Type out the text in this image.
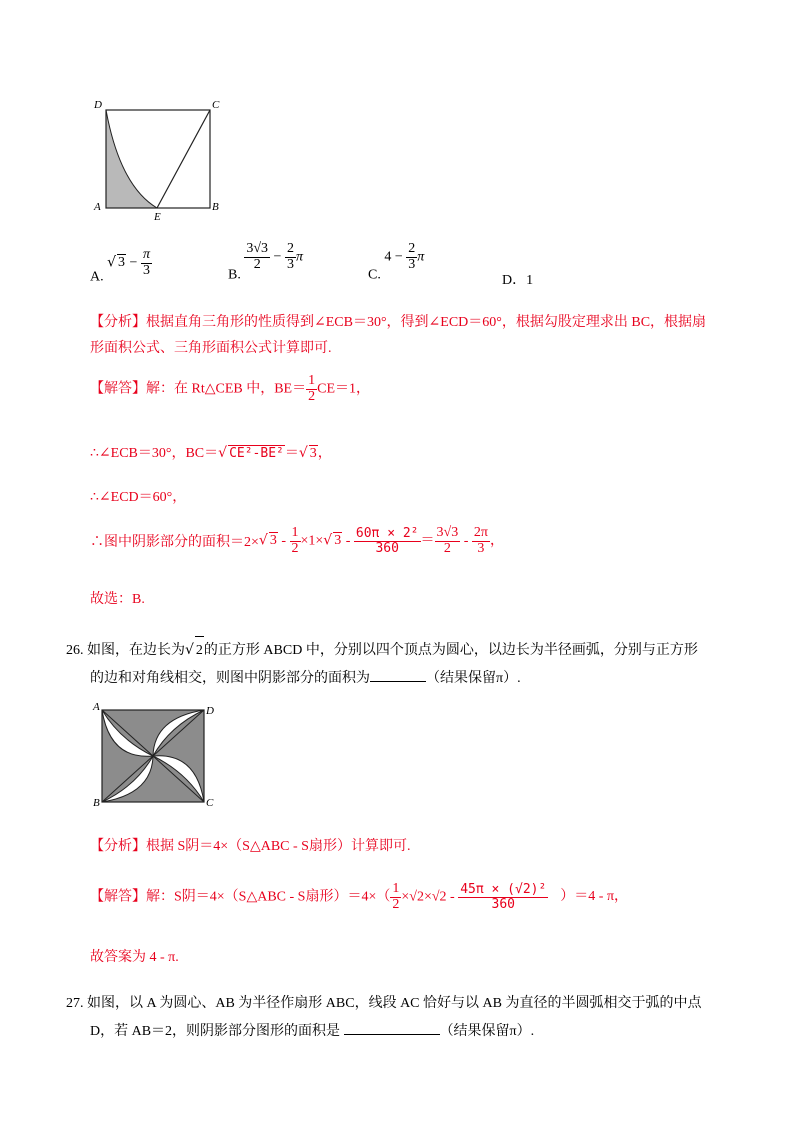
D	C
A
E
B
A. √ $3 - \frac{\pi}{3}$	B.
$\frac{3√3}{2} - \frac{2}{3}$ π
C. $4 - \frac{2}{3}$ π
D．1
【分析】根据直角三角形的性质得到∠ECB＝30°，得到∠ECD＝60°，根据勾股定理求出 BC，根据扇
形面积公式、三角形面积公式计算即可.
【解答】解：在 Rt△CEB 中，$BE= \frac{1}{2} CE=1$，
∴∠ECB＝30°，BC＝√ CE²-BE²＝√ 3，
∴∠ECD＝60°，
∴图中阴影部分的面积＝2×√ $3 - \frac{1}{2} \times 1\times√$ $3 - \frac{\text{60π × 2²}}{360} = \frac{3√3}{2} - \frac{2\pi}{3}$ ，
故选：B.
26. 如图，在边长为√ 2的正方形 ABCD 中，分别以四个顶点为圆心，以边长为半径画弧，分别与正方形
的边和对角线相交，则图中阴影部分的面积为	（结果保留π）.
A	D
B	C
【分析】根据 S阴＝4×（S△ABC - S扇形）计算即可.
【解答】解：S阴＝4×（S△ABC - S扇形）$=4\times( \frac{1}{2} \times√2\times√2 - \frac{\text{45π × (√2)²}}{360} )=4 - \pi$，
故答案为 4 - π.
27. 如图，以 A 为圆心、AB 为半径作扇形 ABC，线段 AC 恰好与以 AB 为直径的半圆弧相交于弧的中点
D，若 AB＝2，则阴影部分图形的面积是	（结果保留π）.
